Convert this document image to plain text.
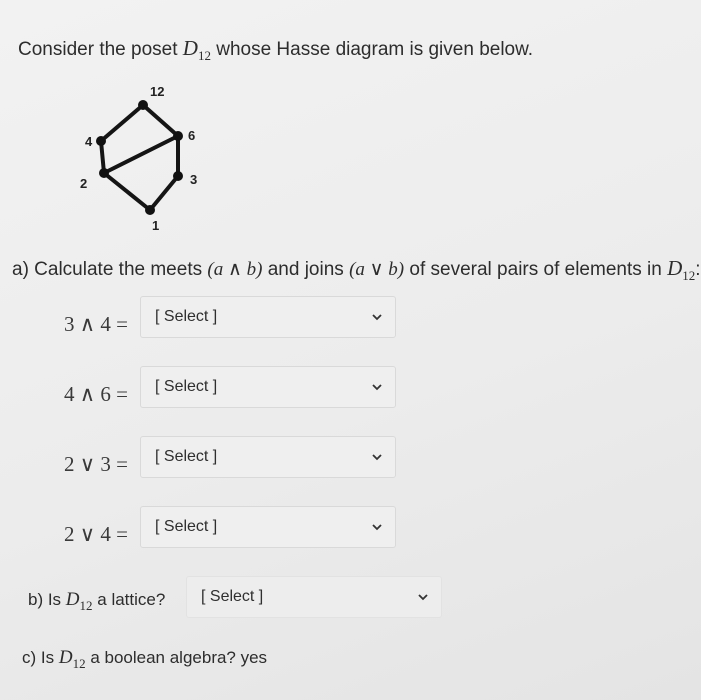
Consider the poset $D_{12}$ whose Hasse diagram is given below.
12
4	6
2	3
1
a) Calculate the meets (a ∧ b) and joins (a ∨ b) of several pairs of elements in $D_{12}$:
3 ∧ 4 = [ Select ]
4 ∧ 6 = [ Select ]
2 ∨ 3 = [ Select ]
2 ∨ 4 = [ Select ]
b) Is $D_{12}$ a lattice? [ Select ]
c) Is $D_{12}$ a boolean algebra? yes
